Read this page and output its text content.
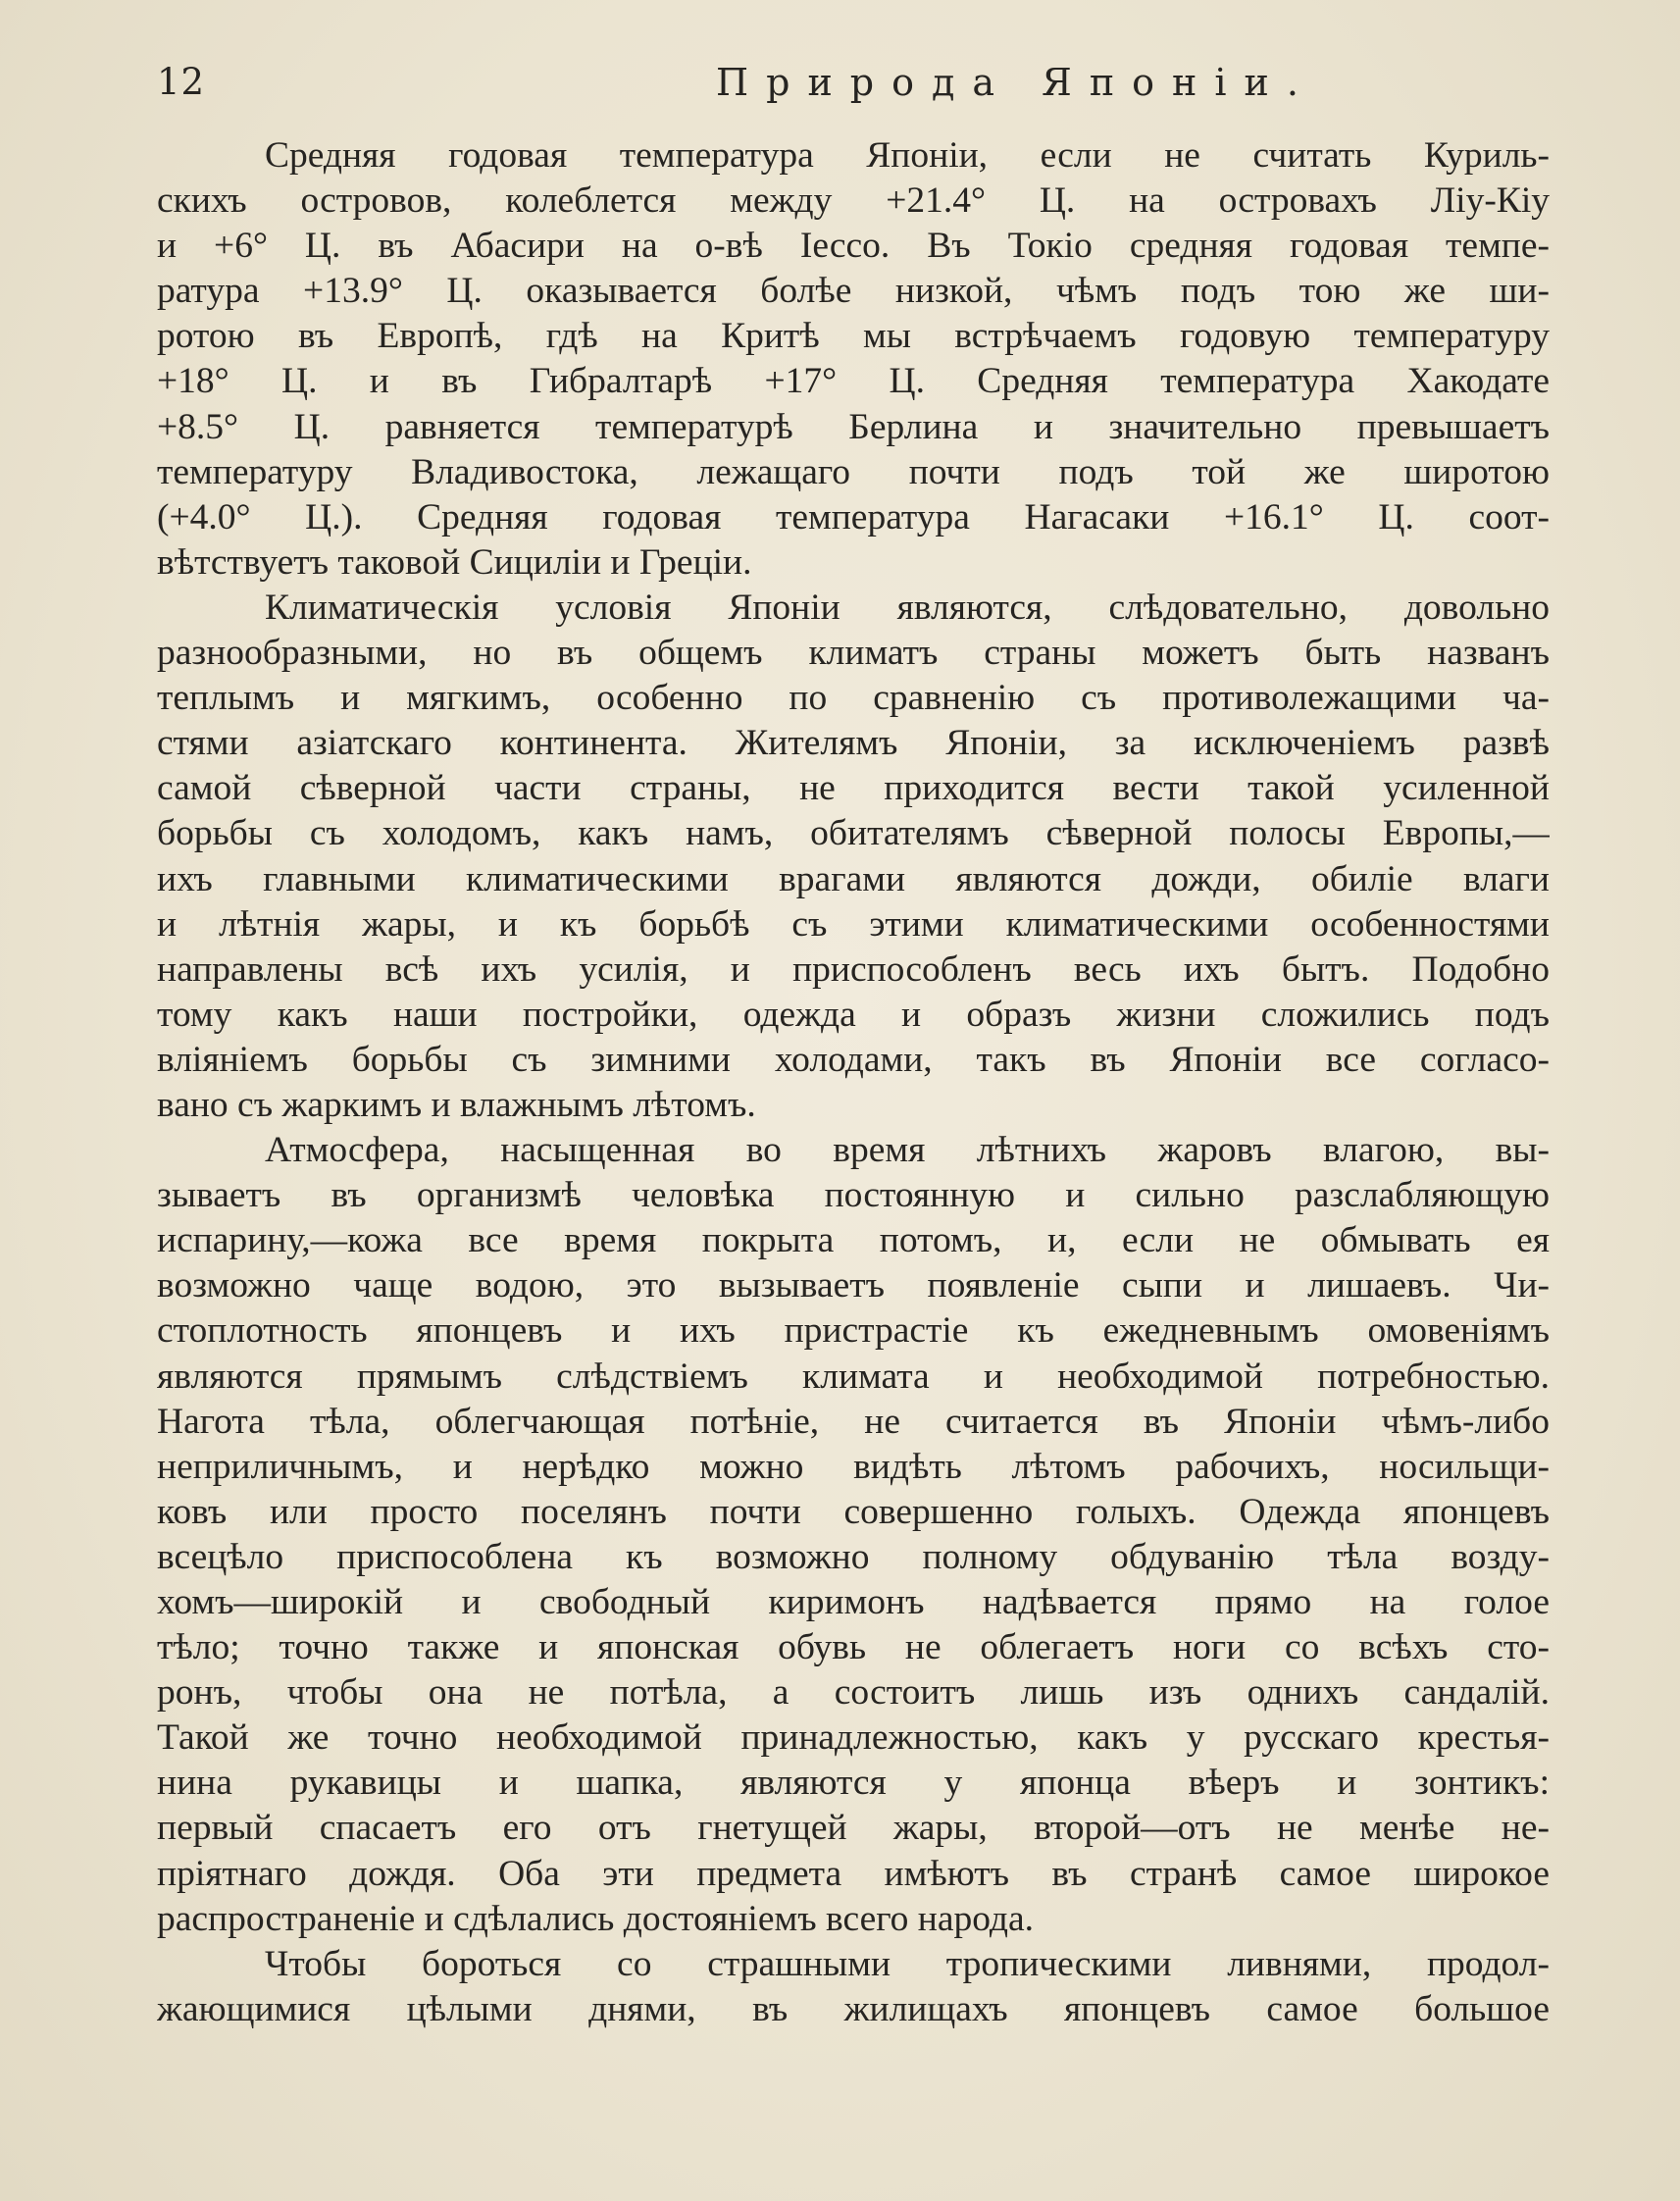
12	Природа Японіи.
Средняя годовая температура Японіи, если не считать Куриль-
скихъ островов, колеблется между +21.4° Ц. на островахъ Ліу-Кіу
и +6° Ц. въ Абасири на о-вѣ Іессо. Въ Токіо средняя годовая темпе-
ратура +13.9° Ц. оказывается болѣе низкой, чѣмъ подъ тою же ши-
ротою въ Европѣ, гдѣ на Критѣ мы встрѣчаемъ годовую температуру
+18° Ц. и въ Гибралтарѣ +17° Ц. Средняя температура Хакодате
+8.5° Ц. равняется температурѣ Берлина и значительно превышаетъ
температуру Владивостока, лежащаго почти подъ той же широтою
(+4.0° Ц.). Средняя годовая температура Нагасаки +16.1° Ц. соот-
вѣтствуетъ таковой Сициліи и Греціи.
Климатическія условія Японіи являются, слѣдовательно, довольно
разнообразными, но въ общемъ климатъ страны можетъ быть названъ
теплымъ и мягкимъ, особенно по сравненію съ противолежащими ча-
стями азіатскаго континента. Жителямъ Японіи, за исключеніемъ развѣ
самой сѣверной части страны, не приходится вести такой усиленной
борьбы съ холодомъ, какъ намъ, обитателямъ сѣверной полосы Европы,—
ихъ главными климатическими врагами являются дожди, обиліе влаги
и лѣтнія жары, и къ борьбѣ съ этими климатическими особенностями
направлены всѣ ихъ усилія, и приспособленъ весь ихъ бытъ. Подобно
тому какъ наши постройки, одежда и образъ жизни сложились подъ
вліяніемъ борьбы съ зимними холодами, такъ въ Японіи все согласо-
вано съ жаркимъ и влажнымъ лѣтомъ.
Атмосфера, насыщенная во время лѣтнихъ жаровъ влагою, вы-
зываетъ въ организмѣ человѣка постоянную и сильно разслабляющую
испарину,—кожа все время покрыта потомъ, и, если не обмывать ея
возможно чаще водою, это вызываетъ появленіе сыпи и лишаевъ. Чи-
стоплотность японцевъ и ихъ пристрастіе къ ежедневнымъ омовеніямъ
являются прямымъ слѣдствіемъ климата и необходимой потребностью.
Нагота тѣла, облегчающая потѣніе, не считается въ Японіи чѣмъ-либо
неприличнымъ, и нерѣдко можно видѣть лѣтомъ рабочихъ, носильщи-
ковъ или просто поселянъ почти совершенно голыхъ. Одежда японцевъ
всецѣло приспособлена къ возможно полному обдуванію тѣла возду-
хомъ—широкій и свободный киримонъ надѣвается прямо на голое
тѣло; точно также и японская обувь не облегаетъ ноги со всѣхъ сто-
ронъ, чтобы она не потѣла, а состоитъ лишь изъ однихъ сандалій.
Такой же точно необходимой принадлежностью, какъ у русскаго крестья-
нина рукавицы и шапка, являются у японца вѣеръ и зонтикъ:
первый спасаетъ его отъ гнетущей жары, второй—отъ не менѣе не-
пріятнаго дождя. Оба эти предмета имѣютъ въ странѣ самое широкое
распространеніе и сдѣлались достояніемъ всего народа.
Чтобы бороться со страшными тропическими ливнями, продол-
жающимися цѣлыми днями, въ жилищахъ японцевъ самое большое
